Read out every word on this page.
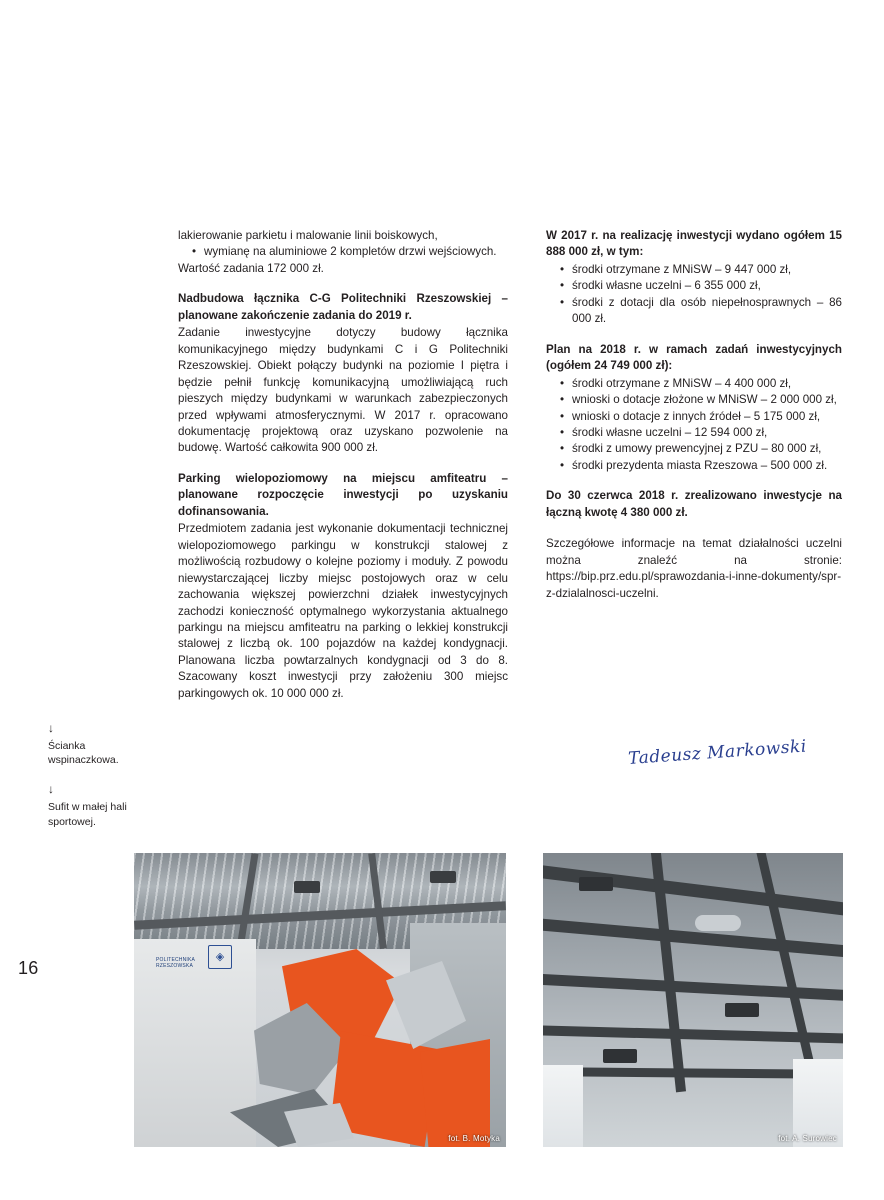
16
↓
Ścianka wspinaczkowa.
↓
Sufit w małej hali sportowej.

lakierowanie parkietu i malowanie linii boiskowych,

• wymianę na aluminiowe 2 kompletów drzwi wejściowych.

Wartość zadania 172 000 zł.

Nadbudowa łącznika C-G Politechniki Rzeszowskiej – planowane zakończenie zadania do 2019 r.

Zadanie inwestycyjne dotyczy budowy łącznika komunikacyjnego między budynkami C i G Politechniki Rzeszowskiej. Obiekt połączy budynki na poziomie I piętra i będzie pełnił funkcję komunikacyjną umożliwiającą ruch pieszych między budynkami w warunkach zabezpieczonych przed wpływami atmosferycznymi. W 2017 r. opracowano dokumentację projektową oraz uzyskano pozwolenie na budowę. Wartość całkowita 900 000 zł.

Parking wielopoziomowy na miejscu amfiteatru – planowane rozpoczęcie inwestycji po uzyskaniu dofinansowania.

Przedmiotem zadania jest wykonanie dokumentacji technicznej wielopoziomowego parkingu w konstrukcji stalowej z możliwością rozbudowy o kolejne poziomy i moduły. Z powodu niewystarczającej liczby miejsc postojowych oraz w celu zachowania większej powierzchni działek inwestycyjnych zachodzi konieczność optymalnego wykorzystania aktualnego parkingu na miejscu amfiteatru na parking o lekkiej konstrukcji stalowej z liczbą ok. 100 pojazdów na każdej kondygnacji. Planowana liczba powtarzalnych kondygnacji od 3 do 8. Szacowany koszt inwestycji przy założeniu 300 miejsc parkingowych ok. 10 000 000 zł.

W 2017 r. na realizację inwestycji wydano ogółem 15 888 000 zł, w tym:

• środki otrzymane z MNiSW – 9 447 000 zł,
• środki własne uczelni – 6 355 000 zł,
• środki z dotacji dla osób niepełnosprawnych – 86 000 zł.

Plan na 2018 r. w ramach zadań inwestycyjnych (ogółem 24 749 000 zł):

• środki otrzymane z MNiSW – 4 400 000 zł,
• wnioski o dotacje złożone w MNiSW – 2 000 000 zł,
• wnioski o dotacje z innych źródeł – 5 175 000 zł,
• środki własne uczelni – 12 594 000 zł,
• środki z umowy prewencyjnej z PZU – 80 000 zł,
• środki prezydenta miasta Rzeszowa – 500 000 zł.

Do 30 czerwca 2018 r. zrealizowano inwestycje na łączną kwotę 4 380 000 zł.

Szczegółowe informacje na temat działalności uczelni można znaleźć na stronie: https://bip.prz.edu.pl/sprawozdania-i-inne-dokumenty/spr-z-dzialalnosci-uczelni.

Tadeusz Markowski
POLITECHNIKA
RZESZOWSKA
◈
fot. B. Motyka	fot. A. Surowiec
